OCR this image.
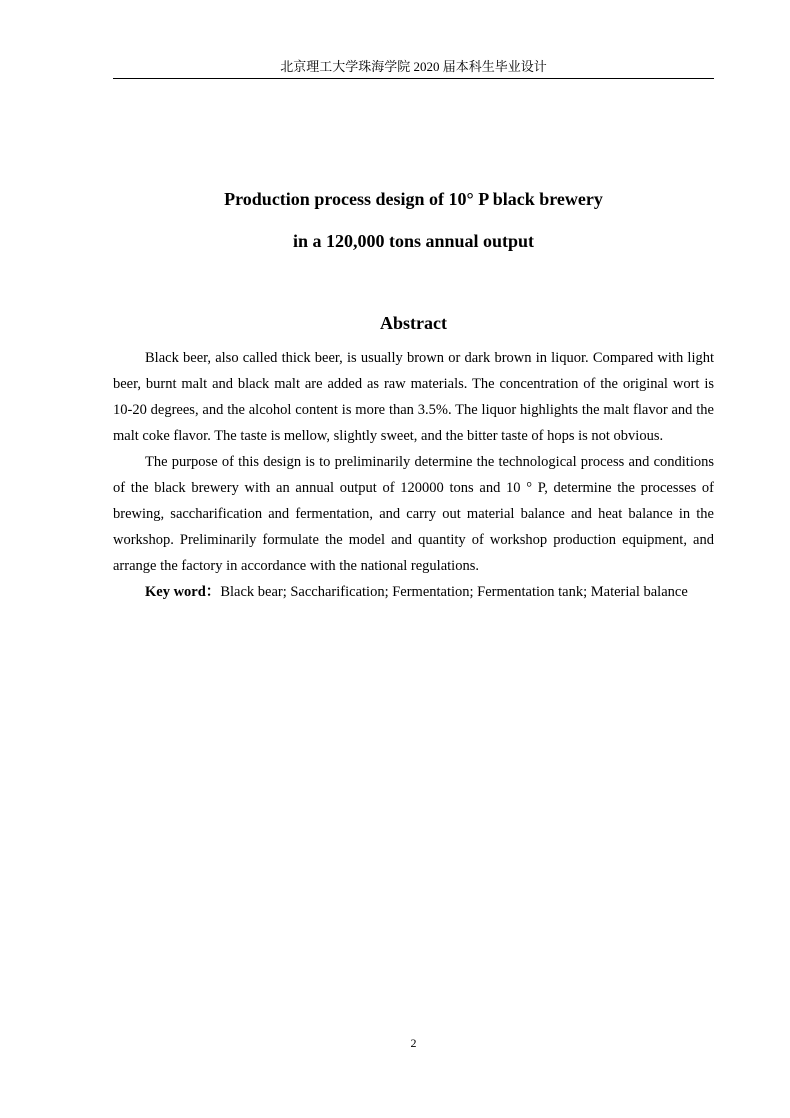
北京理工大学珠海学院 2020 届本科生毕业设计
Production process design of 10° P black brewery
in a 120,000 tons annual output
Abstract

Black beer, also called thick beer, is usually brown or dark brown in liquor. Compared with light beer, burnt malt and black malt are added as raw materials. The concentration of the original wort is 10-20 degrees, and the alcohol content is more than 3.5%. The liquor highlights the malt flavor and the malt coke flavor. The taste is mellow, slightly sweet, and the bitter taste of hops is not obvious.

The purpose of this design is to preliminarily determine the technological process and conditions of the black brewery with an annual output of 120000 tons and 10 ° P, determine the processes of brewing, saccharification and fermentation, and carry out material balance and heat balance in the workshop. Preliminarily formulate the model and quantity of workshop production equipment, and arrange the factory in accordance with the national regulations.

Key word：Black bear; Saccharification; Fermentation; Fermentation tank; Material balance

2
